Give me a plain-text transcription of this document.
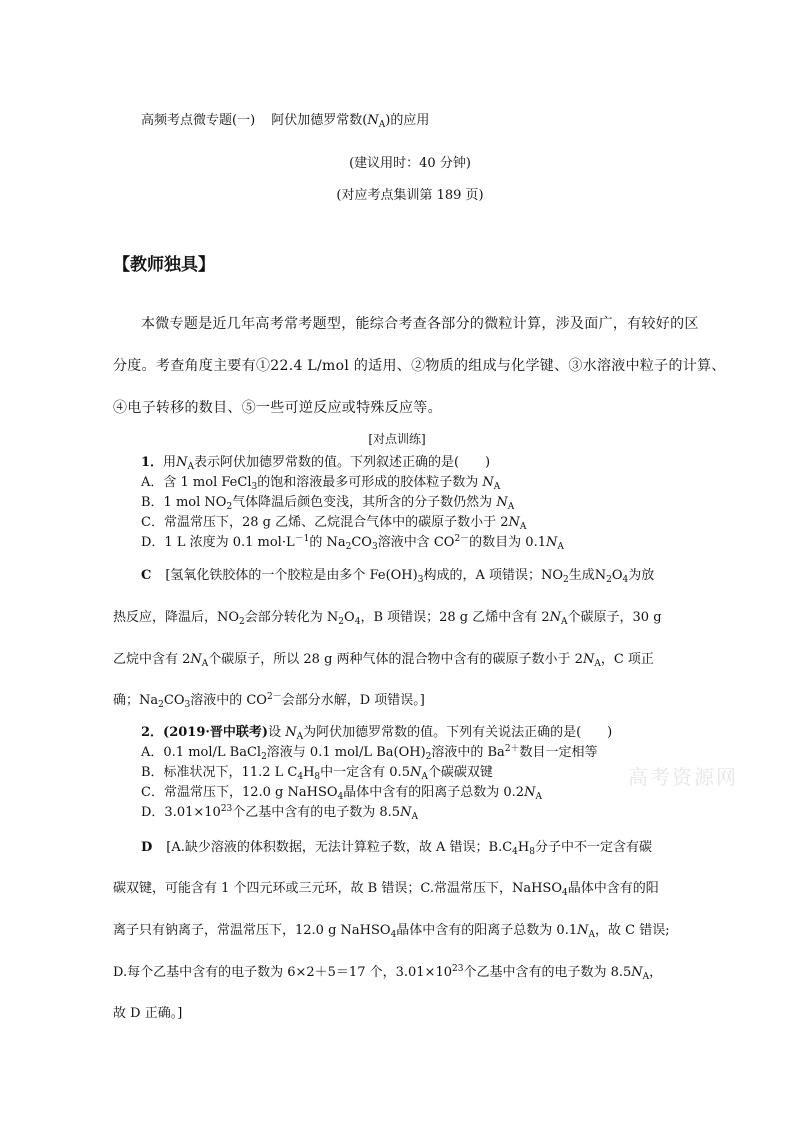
高频考点微专题(一) 阿伏加德罗常数$(N_A)$的应用
(建议用时：40 分钟)
(对应考点集训第 189 页)
【教师独具】
本微专题是近几年高考常考题型，能综合考查各部分的微粒计算，涉及面广，有较好的区
分度。考查角度主要有①22.4 L/mol 的适用、②物质的组成与化学键、③水溶液中粒子的计算、
④电子转移的数目、⑤一些可逆反应或特殊反应等。
[对点训练]
1．用$N_A$表示阿伏加德罗常数的值。下列叙述正确的是(　　)
A．含 1 mol FeCl$_3$的饱和溶液最多可形成的胶体粒子数为 $N_A$
B．1 mol $NO_2$气体降温后颜色变浅，其所含的分子数仍然为 $N_A$
C．常温常压下，28 g 乙烯、乙烷混合气体中的碳原子数小于 $2N_A$
D．1 L 浓度为 0.1 $mol\cdot L^{-1}$的 $Na_2CO_3$溶液中含 $CO^{2-}$的数目为 $0.1N_A$
C [氢氧化铁胶体的一个胶粒是由多个 $Fe(OH)_3$构成的，A 项错误；$NO_2$生成$N_2O_4$为放
热反应，降温后，$NO_2$会部分转化为 $N_2O_4$，B 项错误；28 g 乙烯中含有 $2N_A$个碳原子，30 g
乙烷中含有 $2N_A$个碳原子，所以 28 g 两种气体的混合物中含有的碳原子数小于 $2N_A$，C 项正
确；$Na_2CO_3$溶液中的 $CO^{2-}$会部分水解，D 项错误。]
2．(2019·晋中联考)设 $N_A$为阿伏加德罗常数的值。下列有关说法正确的是(　　)
A．0.1 mol/L BaCl$_2$溶液与 0.1 mol/L $Ba(OH)_2$溶液中的 $Ba^{2+}$数目一定相等
B．标准状况下，11.2 L $C_4H_8$中一定含有 $0.5N_A$个碳碳双键
C．常温常压下，12.0 g NaHSO$_4$晶体中含有的阳离子总数为 $0.2N_A$
D．$3.01\times 10^{23}$个乙基中含有的电子数为 $8.5N_A$
D [A.缺少溶液的体积数据，无法计算粒子数，故 A 错误；$B.C_4H_8$分子中不一定含有碳
碳双键，可能含有 1 个四元环或三元环，故 B 错误；C.常温常压下，NaHSO$_4$晶体中含有的阳
离子只有钠离子，常温常压下，12.0 g NaHSO$_4$晶体中含有的阳离子总数为 $0.1N_A$，故 C 错误;
D.每个乙基中含有的电子数为 6×2＋5＝17 个，$3.01\times 10^{23}$个乙基中含有的电子数为 $8.5N_A$，
故 D 正确。]
高考资源网
